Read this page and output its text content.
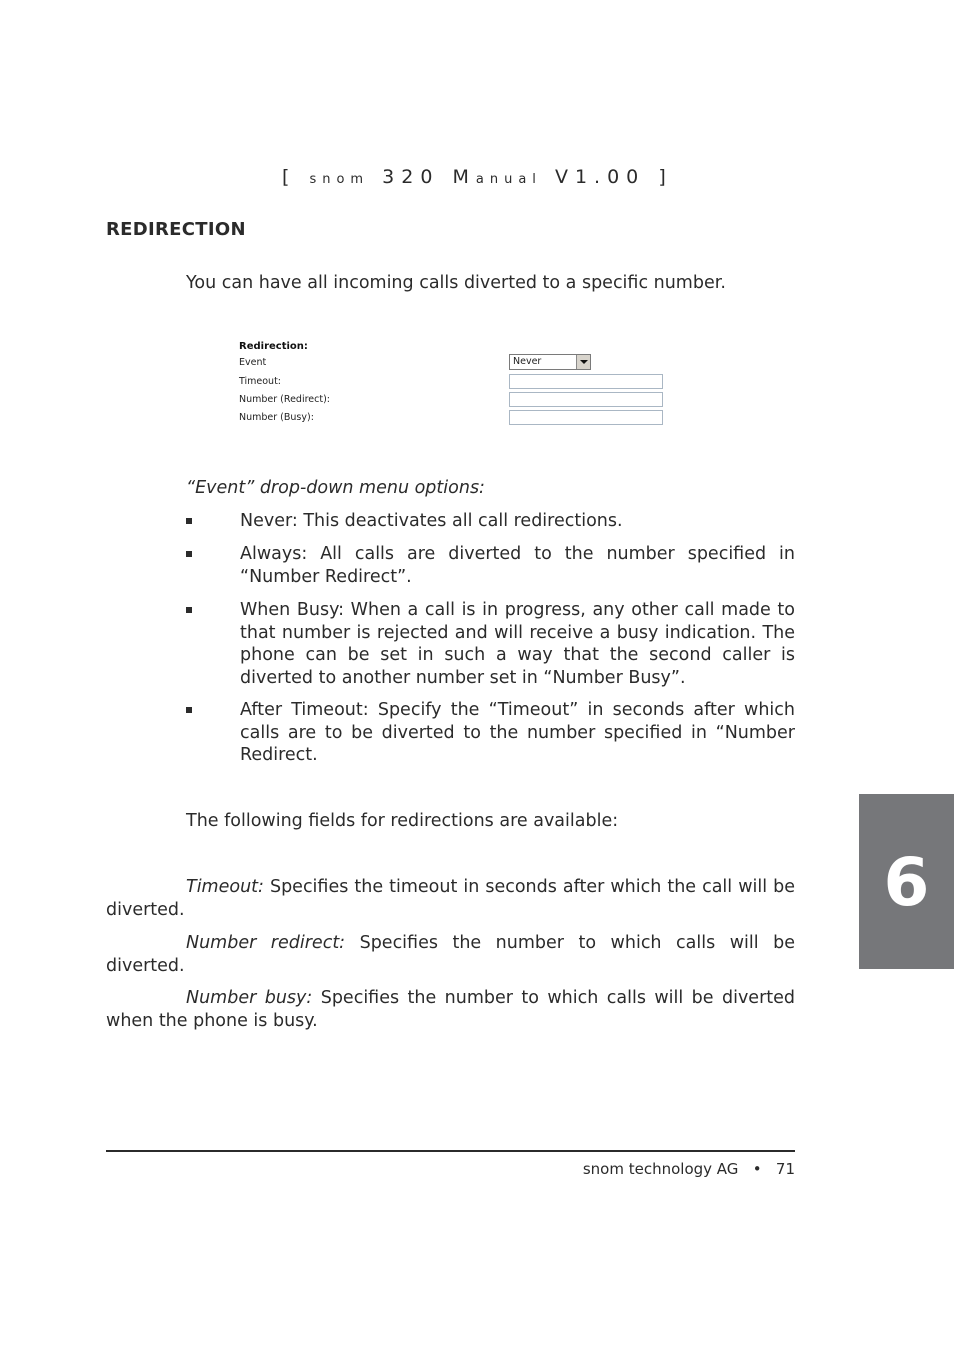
[ snom 320 Manual V1.00 ]
REDIRECTION
You can have all incoming calls diverted to a specific number.
Redirection:
Event	Never
Timeout:
Number (Redirect):
Number (Busy):
“Event” drop-down menu options:
Never: This deactivates all call redirections.
Always: All calls are diverted to the number specified in “Number Redirect”.
When Busy: When a call is in progress, any other call made to that number is rejected and will receive a busy indication. The phone can be set in such a way that the second caller is diverted to another number set in “Number Busy”.
After Timeout: Specify the “Timeout” in seconds after which calls are to be diverted to the number specified in “Number Redirect.
The following fields for redirections are available:
Timeout: Specifies the timeout in seconds after which the call will be diverted.
Number redirect: Specifies the number to which calls will be diverted.
Number busy: Specifies the number to which calls will be diverted when the phone is busy.
6
snom technology AG • 71
